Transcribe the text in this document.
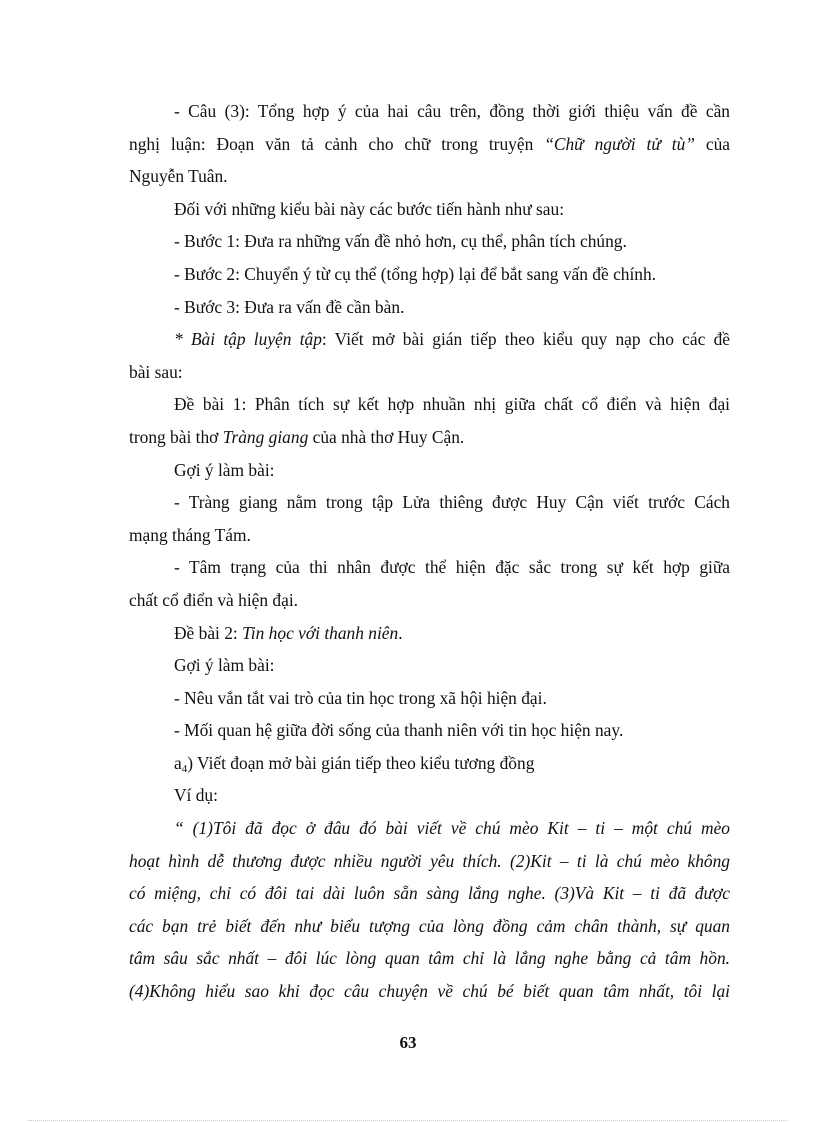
- Câu (3): Tổng hợp ý của hai câu trên, đồng thời giới thiệu vấn đề cần
nghị luận: Đoạn văn tả cảnh cho chữ trong truyện “Chữ người tử tù” của
Nguyễn Tuân.
Đối với những kiểu bài này các bước tiến hành như sau:
- Bước 1: Đưa ra những vấn đề nhỏ hơn, cụ thể, phân tích chúng.
- Bước 2: Chuyển ý từ cụ thể (tổng hợp) lại để bắt sang vấn đề chính.
- Bước 3: Đưa ra vấn đề cần bàn.
* Bài tập luyện tập: Viết mở bài gián tiếp theo kiểu quy nạp cho các đề
bài sau:
Đề bài 1: Phân tích sự kết hợp nhuần nhị giữa chất cổ điển và hiện đại
trong bài thơ Tràng giang của nhà thơ Huy Cận.
Gợi ý làm bài:
- Tràng giang nằm trong tập Lửa thiêng được Huy Cận viết trước Cách
mạng tháng Tám.
- Tâm trạng của thi nhân được thể hiện đặc sắc trong sự kết hợp giữa
chất cổ điển và hiện đại.
Đề bài 2: Tin học với thanh niên.
Gợi ý làm bài:
- Nêu vắn tắt vai trò của tin học trong xã hội hiện đại.
- Mối quan hệ giữa đời sống của thanh niên với tin học hiện nay.
$a_4$) Viết đoạn mở bài gián tiếp theo kiểu tương đồng
Ví dụ:
“ (1)Tôi đã đọc ở đâu đó bài viết về chú mèo Kit – ti – một chú mèo
hoạt hình dễ thương được nhiều người yêu thích. (2)Kit – ti là chú mèo không
có miệng, chỉ có đôi tai dài luôn sẵn sàng lắng nghe. (3)Và Kit – ti đã được
các bạn trẻ biết đến như biểu tượng của lòng đồng cảm chân thành, sự quan
tâm sâu sắc nhất – đôi lúc lòng quan tâm chỉ là lắng nghe bằng cả tâm hồn.
(4)Không hiểu sao khi đọc câu chuyện về chú bé biết quan tâm nhất, tôi lại
63
